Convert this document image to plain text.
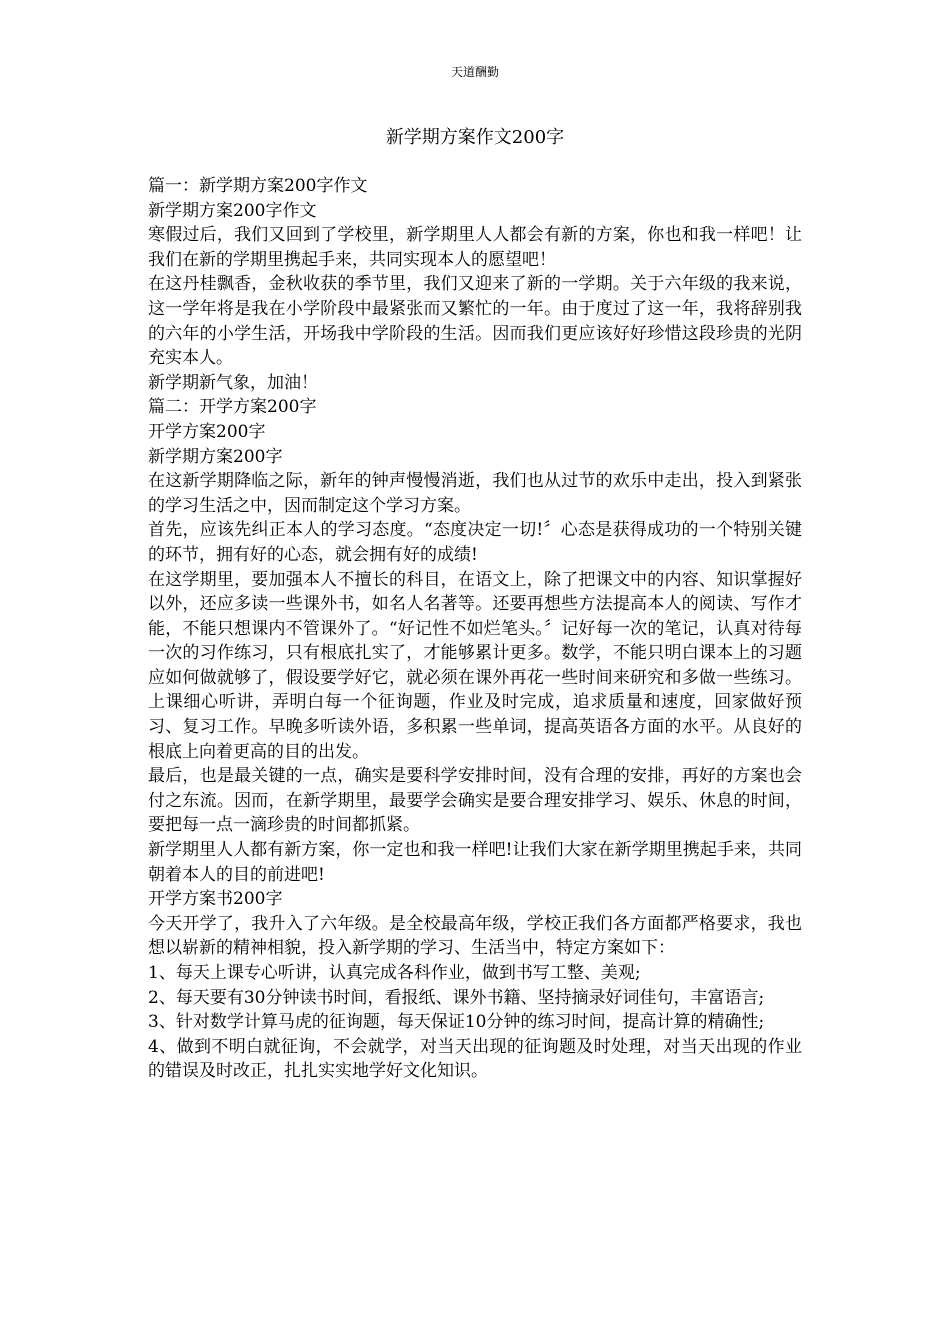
天道酬勤
新学期方案作文200字

篇一：新学期方案200字作文

新学期方案200字作文

寒假过后，我们又回到了学校里，新学期里人人都会有新的方案，你也和我一样吧！让我们在新的学期里携起手来，共同实现本人的愿望吧！

在这丹桂飘香，金秋收获的季节里，我们又迎来了新的一学期。关于六年级的我来说，这一学年将是我在小学阶段中最紧张而又繁忙的一年。由于度过了这一年，我将辞别我的六年的小学生活，开场我中学阶段的生活。因而我们更应该好好珍惜这段珍贵的光阴充实本人。

新学期新气象，加油！

篇二：开学方案200字

开学方案200字

新学期方案200字

在这新学期降临之际，新年的钟声慢慢消逝，我们也从过节的欢乐中走出，投入到紧张的学习生活之中，因而制定这个学习方案。

首先，应该先纠正本人的学习态度。“态度决定一切!〞心态是获得成功的一个特别关键的环节，拥有好的心态，就会拥有好的成绩!

在这学期里，要加强本人不擅长的科目，在语文上，除了把课文中的内容、知识掌握好以外，还应多读一些课外书，如名人名著等。还要再想些方法提高本人的阅读、写作才能，不能只想课内不管课外了。“好记性不如烂笔头。〞记好每一次的笔记，认真对待每一次的习作练习，只有根底扎实了，才能够累计更多。数学，不能只明白课本上的习题应如何做就够了，假设要学好它，就必须在课外再花一些时间来研究和多做一些练习。上课细心听讲，弄明白每一个征询题，作业及时完成，追求质量和速度，回家做好预习、复习工作。早晚多听读外语，多积累一些单词，提高英语各方面的水平。从良好的根底上向着更高的目的出发。

最后，也是最关键的一点，确实是要科学安排时间，没有合理的安排，再好的方案也会付之东流。因而，在新学期里，最要学会确实是要合理安排学习、娱乐、休息的时间，要把每一点一滴珍贵的时间都抓紧。

新学期里人人都有新方案，你一定也和我一样吧!让我们大家在新学期里携起手来，共同朝着本人的目的前进吧!

开学方案书200字

今天开学了，我升入了六年级。是全校最高年级，学校正我们各方面都严格要求，我也想以崭新的精神相貌，投入新学期的学习、生活当中，特定方案如下：

1、每天上课专心听讲，认真完成各科作业，做到书写工整、美观;

2、每天要有30分钟读书时间，看报纸、课外书籍、坚持摘录好词佳句，丰富语言;

3、针对数学计算马虎的征询题，每天保证10分钟的练习时间，提高计算的精确性;

4、做到不明白就征询，不会就学，对当天出现的征询题及时处理，对当天出现的作业的错误及时改正，扎扎实实地学好文化知识。
